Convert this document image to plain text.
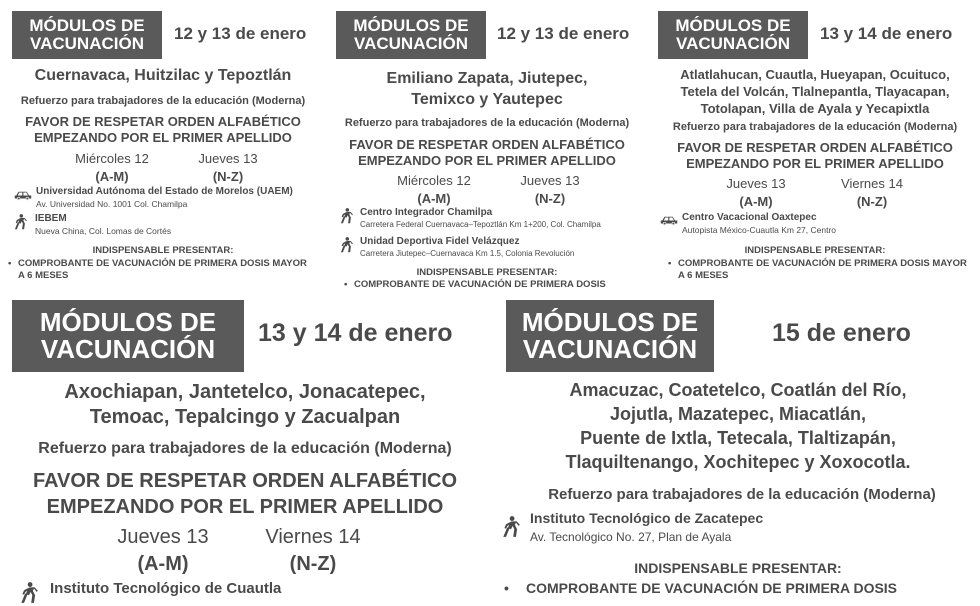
MÓDULOS DE
VACUNACIÓN
12 y 13 de enero
Cuernavaca, Huitzilac y Tepoztlán
Refuerzo para trabajadores de la educación (Moderna)
FAVOR DE RESPETAR ORDEN ALFABÉTICO
EMPEZANDO POR EL PRIMER APELLIDO
Miércoles 12
(A-M)
Jueves 13
(N-Z)
Universidad Autónoma del Estado de Morelos (UAEM)
Av. Universidad No. 1001 Col. Chamilpa
IEBEM
Nueva China, Col. Lomas de Cortés
INDISPENSABLE PRESENTAR:
• COMPROBANTE DE VACUNACIÓN DE PRIMERA DOSIS MAYOR A 6 MESES
MÓDULOS DE
VACUNACIÓN
12 y 13 de enero
Emiliano Zapata, Jiutepec,
Temixco y Yautepec
Refuerzo para trabajadores de la educación (Moderna)
FAVOR DE RESPETAR ORDEN ALFABÉTICO
EMPEZANDO POR EL PRIMER APELLIDO
Miércoles 12
(A-M)
Jueves 13
(N-Z)
Centro Integrador Chamilpa
Carretera Federal Cuernavaca–Tepoztlán Km 1+200, Col. Chamilpa
Unidad Deportiva Fidel Velázquez
Carretera Jiutepec–Cuernavaca Km 1.5, Colonia Revolución
INDISPENSABLE PRESENTAR:
• COMPROBANTE DE VACUNACIÓN DE PRIMERA DOSIS
MÓDULOS DE
VACUNACIÓN
13 y 14 de enero
Atlatlahucan, Cuautla, Hueyapan, Ocuituco,
Tetela del Volcán, Tlalnepantla, Tlayacapan,
Totolapan, Villa de Ayala y Yecapixtla
Refuerzo para trabajadores de la educación (Moderna)
FAVOR DE RESPETAR ORDEN ALFABÉTICO
EMPEZANDO POR EL PRIMER APELLIDO
Jueves 13
(A-M)
Viernes 14
(N-Z)
Centro Vacacional Oaxtepec
Autopista México-Cuautla Km 27, Centro
INDISPENSABLE PRESENTAR:
• COMPROBANTE DE VACUNACIÓN DE PRIMERA DOSIS MAYOR A 6 MESES
MÓDULOS DE
VACUNACIÓN
13 y 14 de enero
Axochiapan, Jantetelco, Jonacatepec,
Temoac, Tepalcingo y Zacualpan
Refuerzo para trabajadores de la educación (Moderna)
FAVOR DE RESPETAR ORDEN ALFABÉTICO
EMPEZANDO POR EL PRIMER APELLIDO
Jueves 13
(A-M)
Viernes 14
(N-Z)
Instituto Tecnológico de Cuautla
MÓDULOS DE
VACUNACIÓN
15 de enero
Amacuzac, Coatetelco, Coatlán del Río,
Jojutla, Mazatepec, Miacatlán,
Puente de Ixtla, Tetecala, Tlaltizapán,
Tlaquiltenango, Xochitepec y Xoxocotla.
Refuerzo para trabajadores de la educación (Moderna)
Instituto Tecnológico de Zacatepec
Av. Tecnológico No. 27, Plan de Ayala
INDISPENSABLE PRESENTAR:
• COMPROBANTE DE VACUNACIÓN DE PRIMERA DOSIS
